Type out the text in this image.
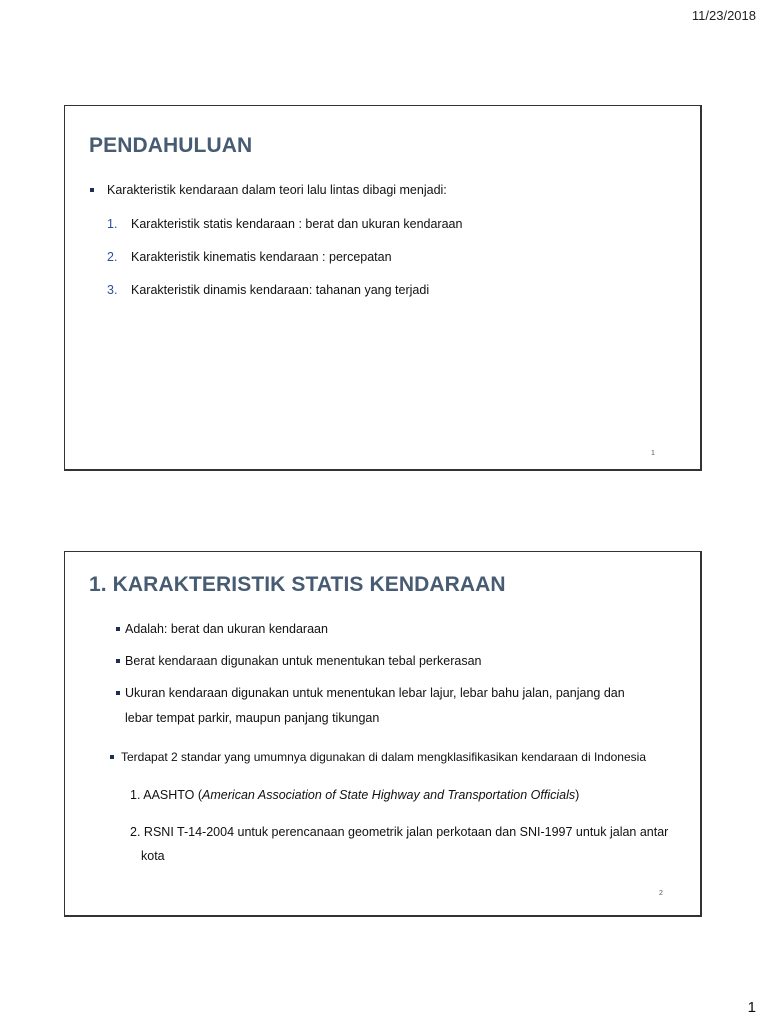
11/23/2018
PENDAHULUAN
Karakteristik kendaraan dalam teori lalu lintas dibagi menjadi:
1. Karakteristik statis kendaraan : berat dan ukuran kendaraan
2. Karakteristik kinematis kendaraan : percepatan
3. Karakteristik dinamis kendaraan: tahanan yang terjadi
1
1. KARAKTERISTIK STATIS KENDARAAN
Adalah: berat dan ukuran kendaraan
Berat kendaraan digunakan untuk menentukan tebal perkerasan
Ukuran kendaraan digunakan untuk menentukan lebar lajur, lebar bahu jalan, panjang dan
lebar tempat parkir, maupun panjang tikungan
Terdapat 2 standar yang umumnya digunakan di dalam mengklasifikasikan kendaraan di Indonesia
1. AASHTO (American Association of State Highway and Transportation Officials)
2. RSNI T-14-2004 untuk perencanaan geometrik jalan perkotaan dan SNI-1997 untuk jalan antar
kota
2
1
